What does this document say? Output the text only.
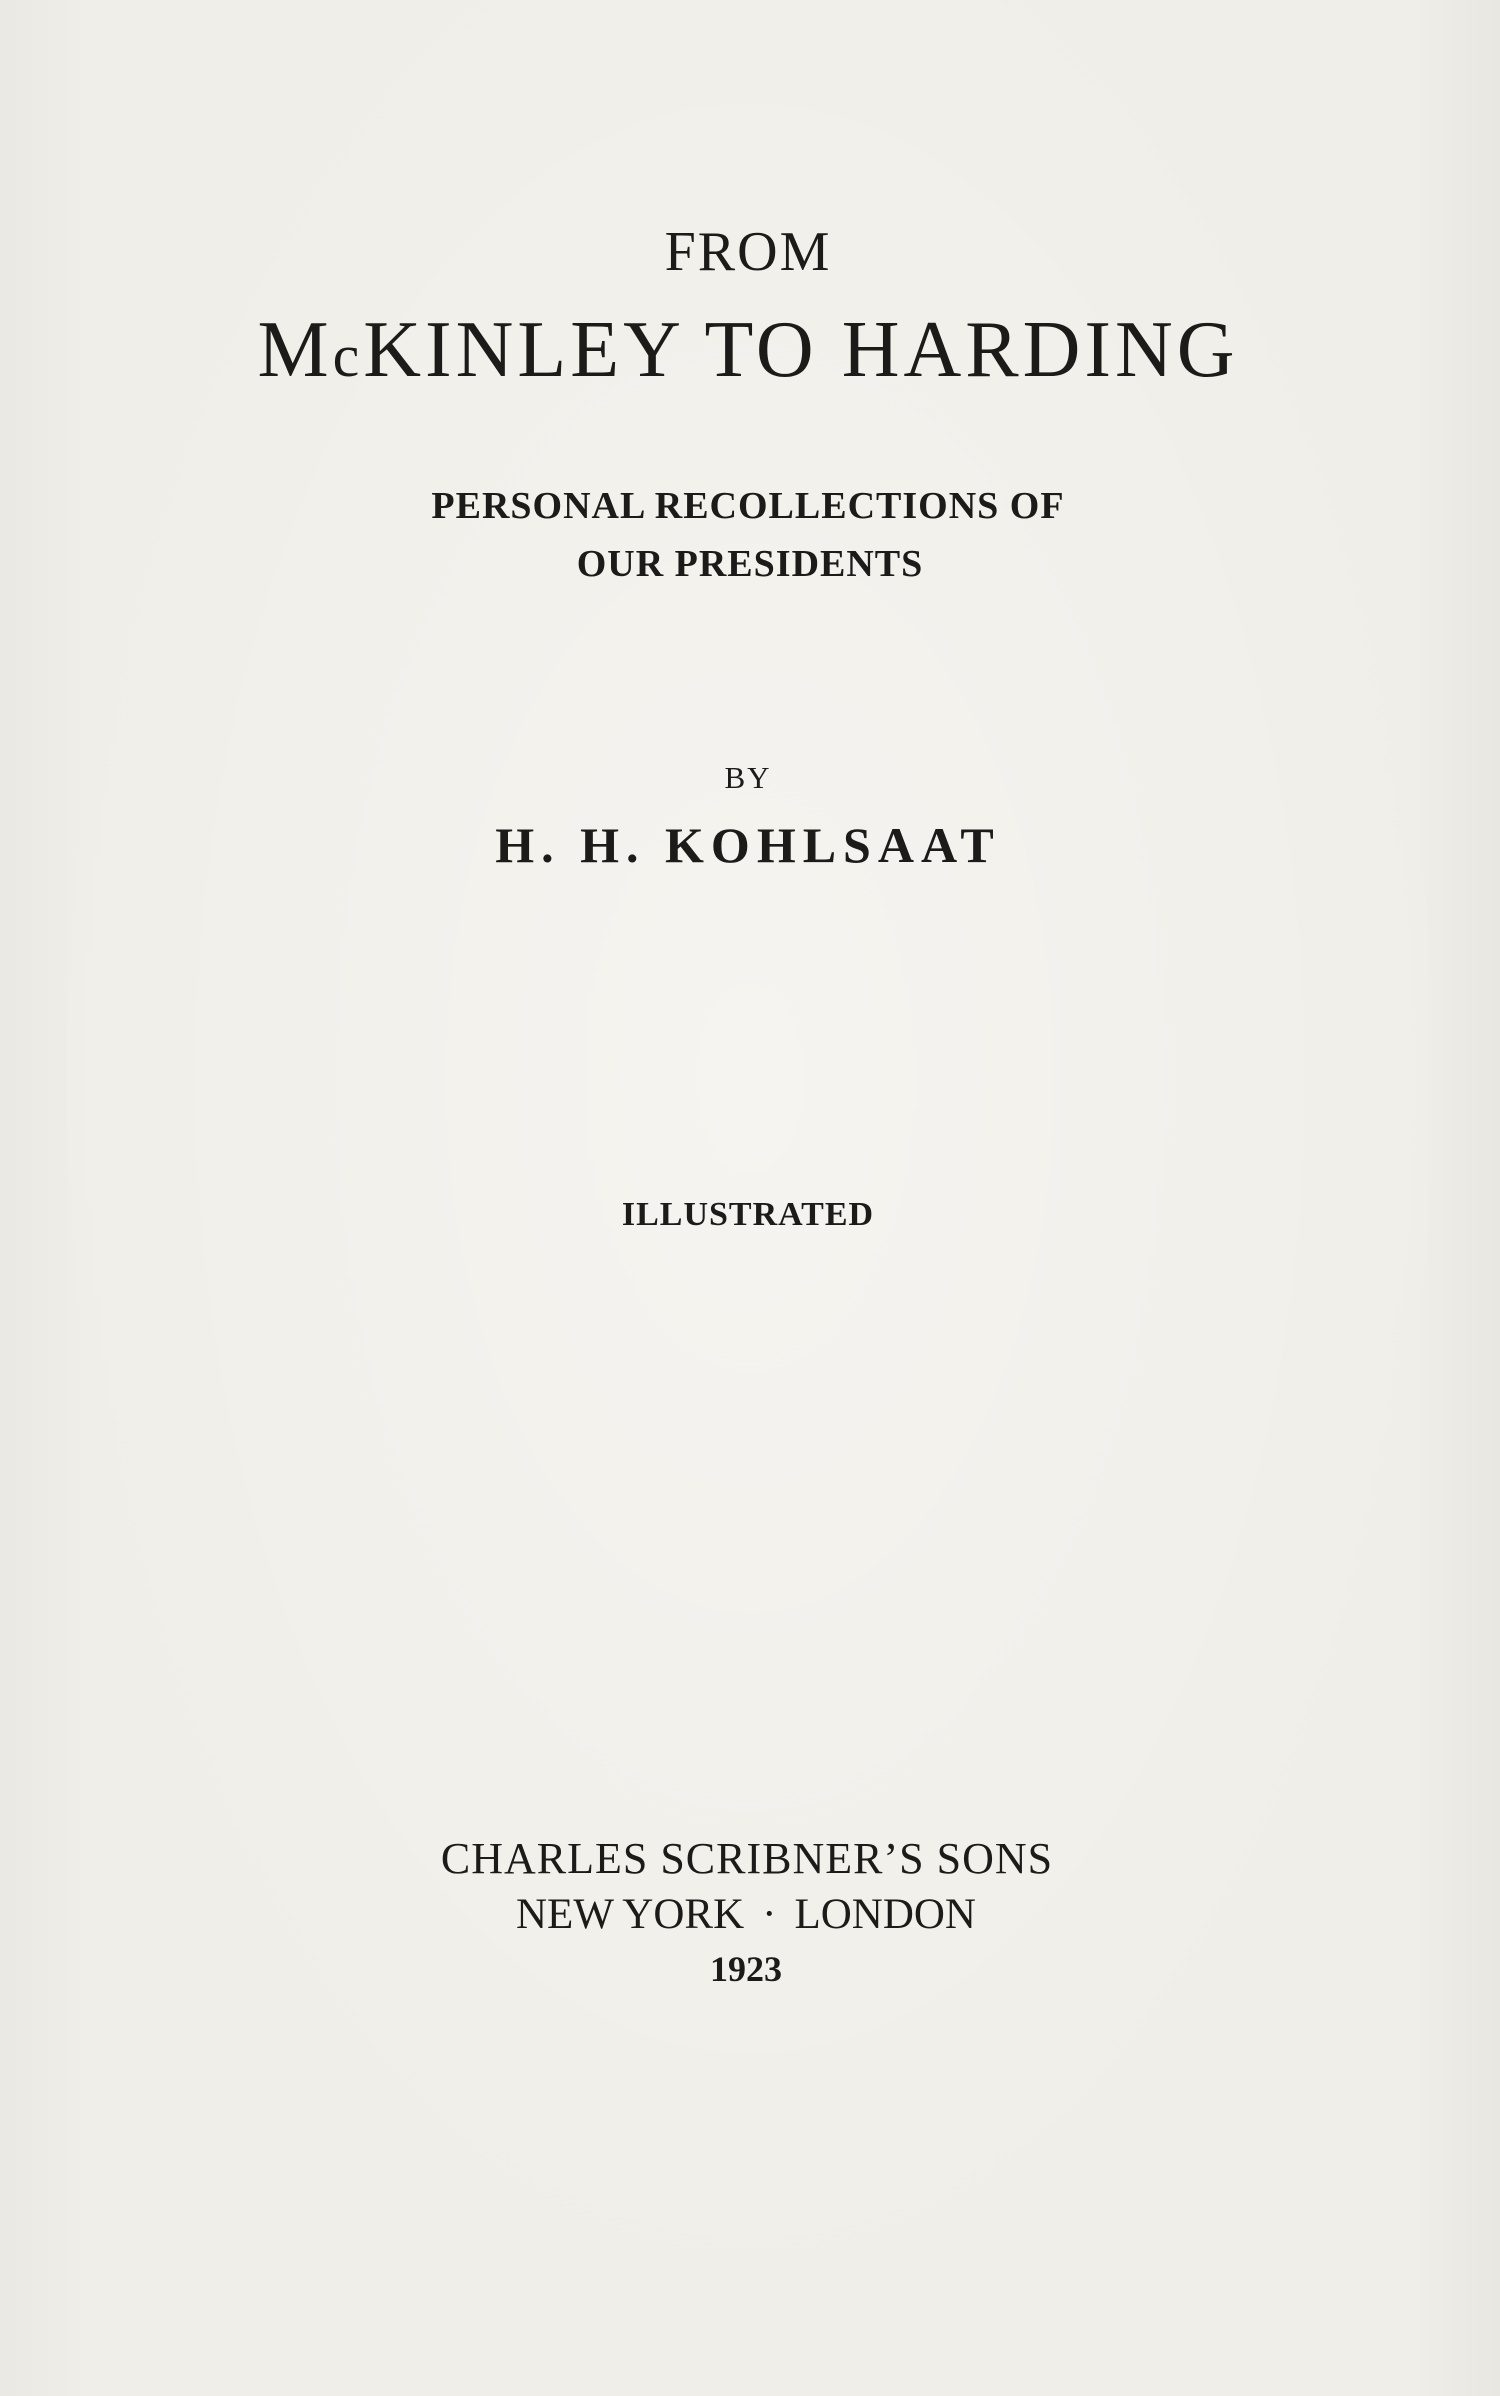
FROM
McKINLEY TO HARDING
PERSONAL RECOLLECTIONS OF
OUR PRESIDENTS
BY
H. H. KOHLSAAT
ILLUSTRATED
CHARLES SCRIBNER’S SONS
NEW YORK · LONDON
1923
